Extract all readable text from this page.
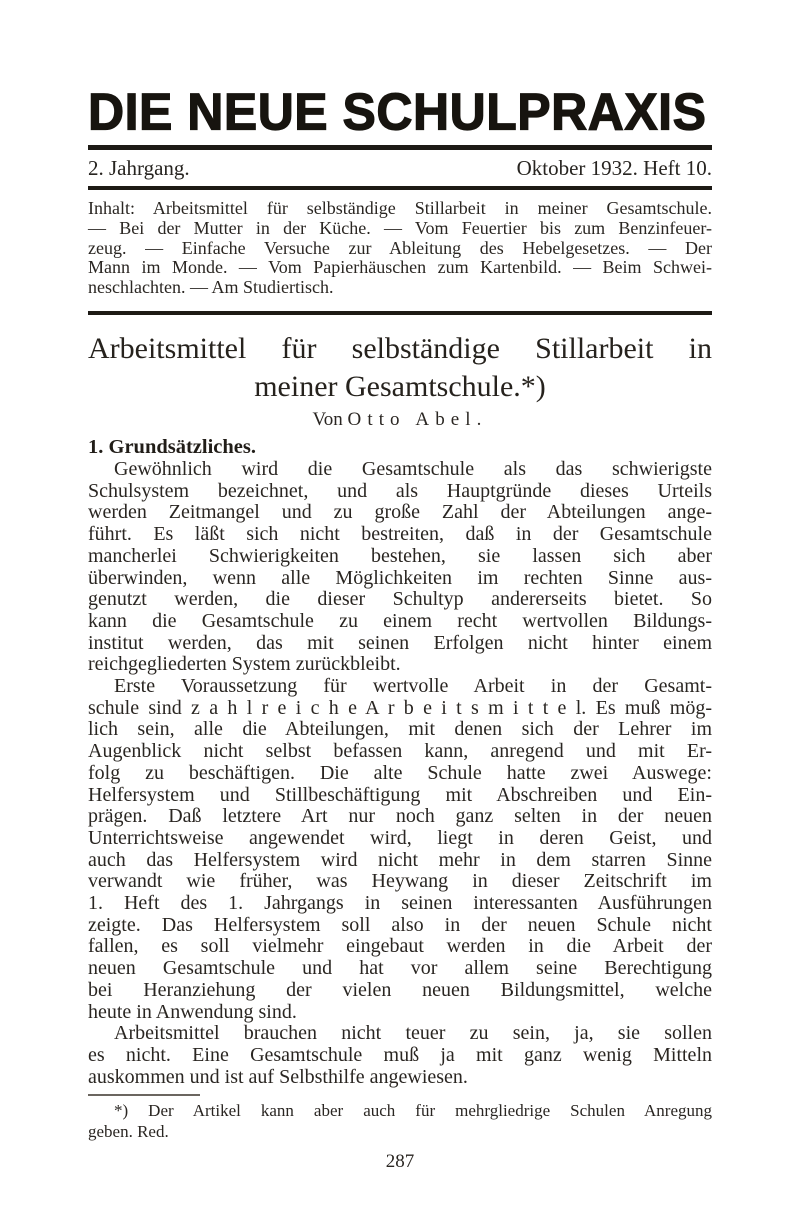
DIE NEUE SCHULPRAXIS
2. Jahrgang.	Oktober 1932. Heft 10.
Inhalt: Arbeitsmittel für selbständige Stillarbeit in meiner Gesamtschule.
— Bei der Mutter in der Küche. — Vom Feuertier bis zum Benzinfeuer-
zeug. — Einfache Versuche zur Ableitung des Hebelgesetzes. — Der
Mann im Monde. — Vom Papierhäuschen zum Kartenbild. — Beim Schwei-
neschlachten. — Am Studiertisch.
Arbeitsmittel für selbständige Stillarbeit in
meiner Gesamtschule.*)
Von Otto Abel.
1. Grundsätzliches.
Gewöhnlich wird die Gesamtschule als das schwierigste
Schulsystem bezeichnet, und als Hauptgründe dieses Urteils
werden Zeitmangel und zu große Zahl der Abteilungen ange-
führt. Es läßt sich nicht bestreiten, daß in der Gesamtschule
mancherlei Schwierigkeiten bestehen, sie lassen sich aber
überwinden, wenn alle Möglichkeiten im rechten Sinne aus-
genutzt werden, die dieser Schultyp andererseits bietet. So
kann die Gesamtschule zu einem recht wertvollen Bildungs-
institut werden, das mit seinen Erfolgen nicht hinter einem
reichgegliederten System zurückbleibt.
Erste Voraussetzung für wertvolle Arbeit in der Gesamt-
schule sind z a h l r e i c h e A r b e i t s m i t t e l. Es muß mög-
lich sein, alle die Abteilungen, mit denen sich der Lehrer im
Augenblick nicht selbst befassen kann, anregend und mit Er-
folg zu beschäftigen. Die alte Schule hatte zwei Auswege:
Helfersystem und Stillbeschäftigung mit Abschreiben und Ein-
prägen. Daß letztere Art nur noch ganz selten in der neuen
Unterrichtsweise angewendet wird, liegt in deren Geist, und
auch das Helfersystem wird nicht mehr in dem starren Sinne
verwandt wie früher, was Heywang in dieser Zeitschrift im
1. Heft des 1. Jahrgangs in seinen interessanten Ausführungen
zeigte. Das Helfersystem soll also in der neuen Schule nicht
fallen, es soll vielmehr eingebaut werden in die Arbeit der
neuen Gesamtschule und hat vor allem seine Berechtigung
bei Heranziehung der vielen neuen Bildungsmittel, welche
heute in Anwendung sind.
Arbeitsmittel brauchen nicht teuer zu sein, ja, sie sollen
es nicht. Eine Gesamtschule muß ja mit ganz wenig Mitteln
auskommen und ist auf Selbsthilfe angewiesen.
*) Der Artikel kann aber auch für mehrgliedrige Schulen Anregung
geben. Red.
287
